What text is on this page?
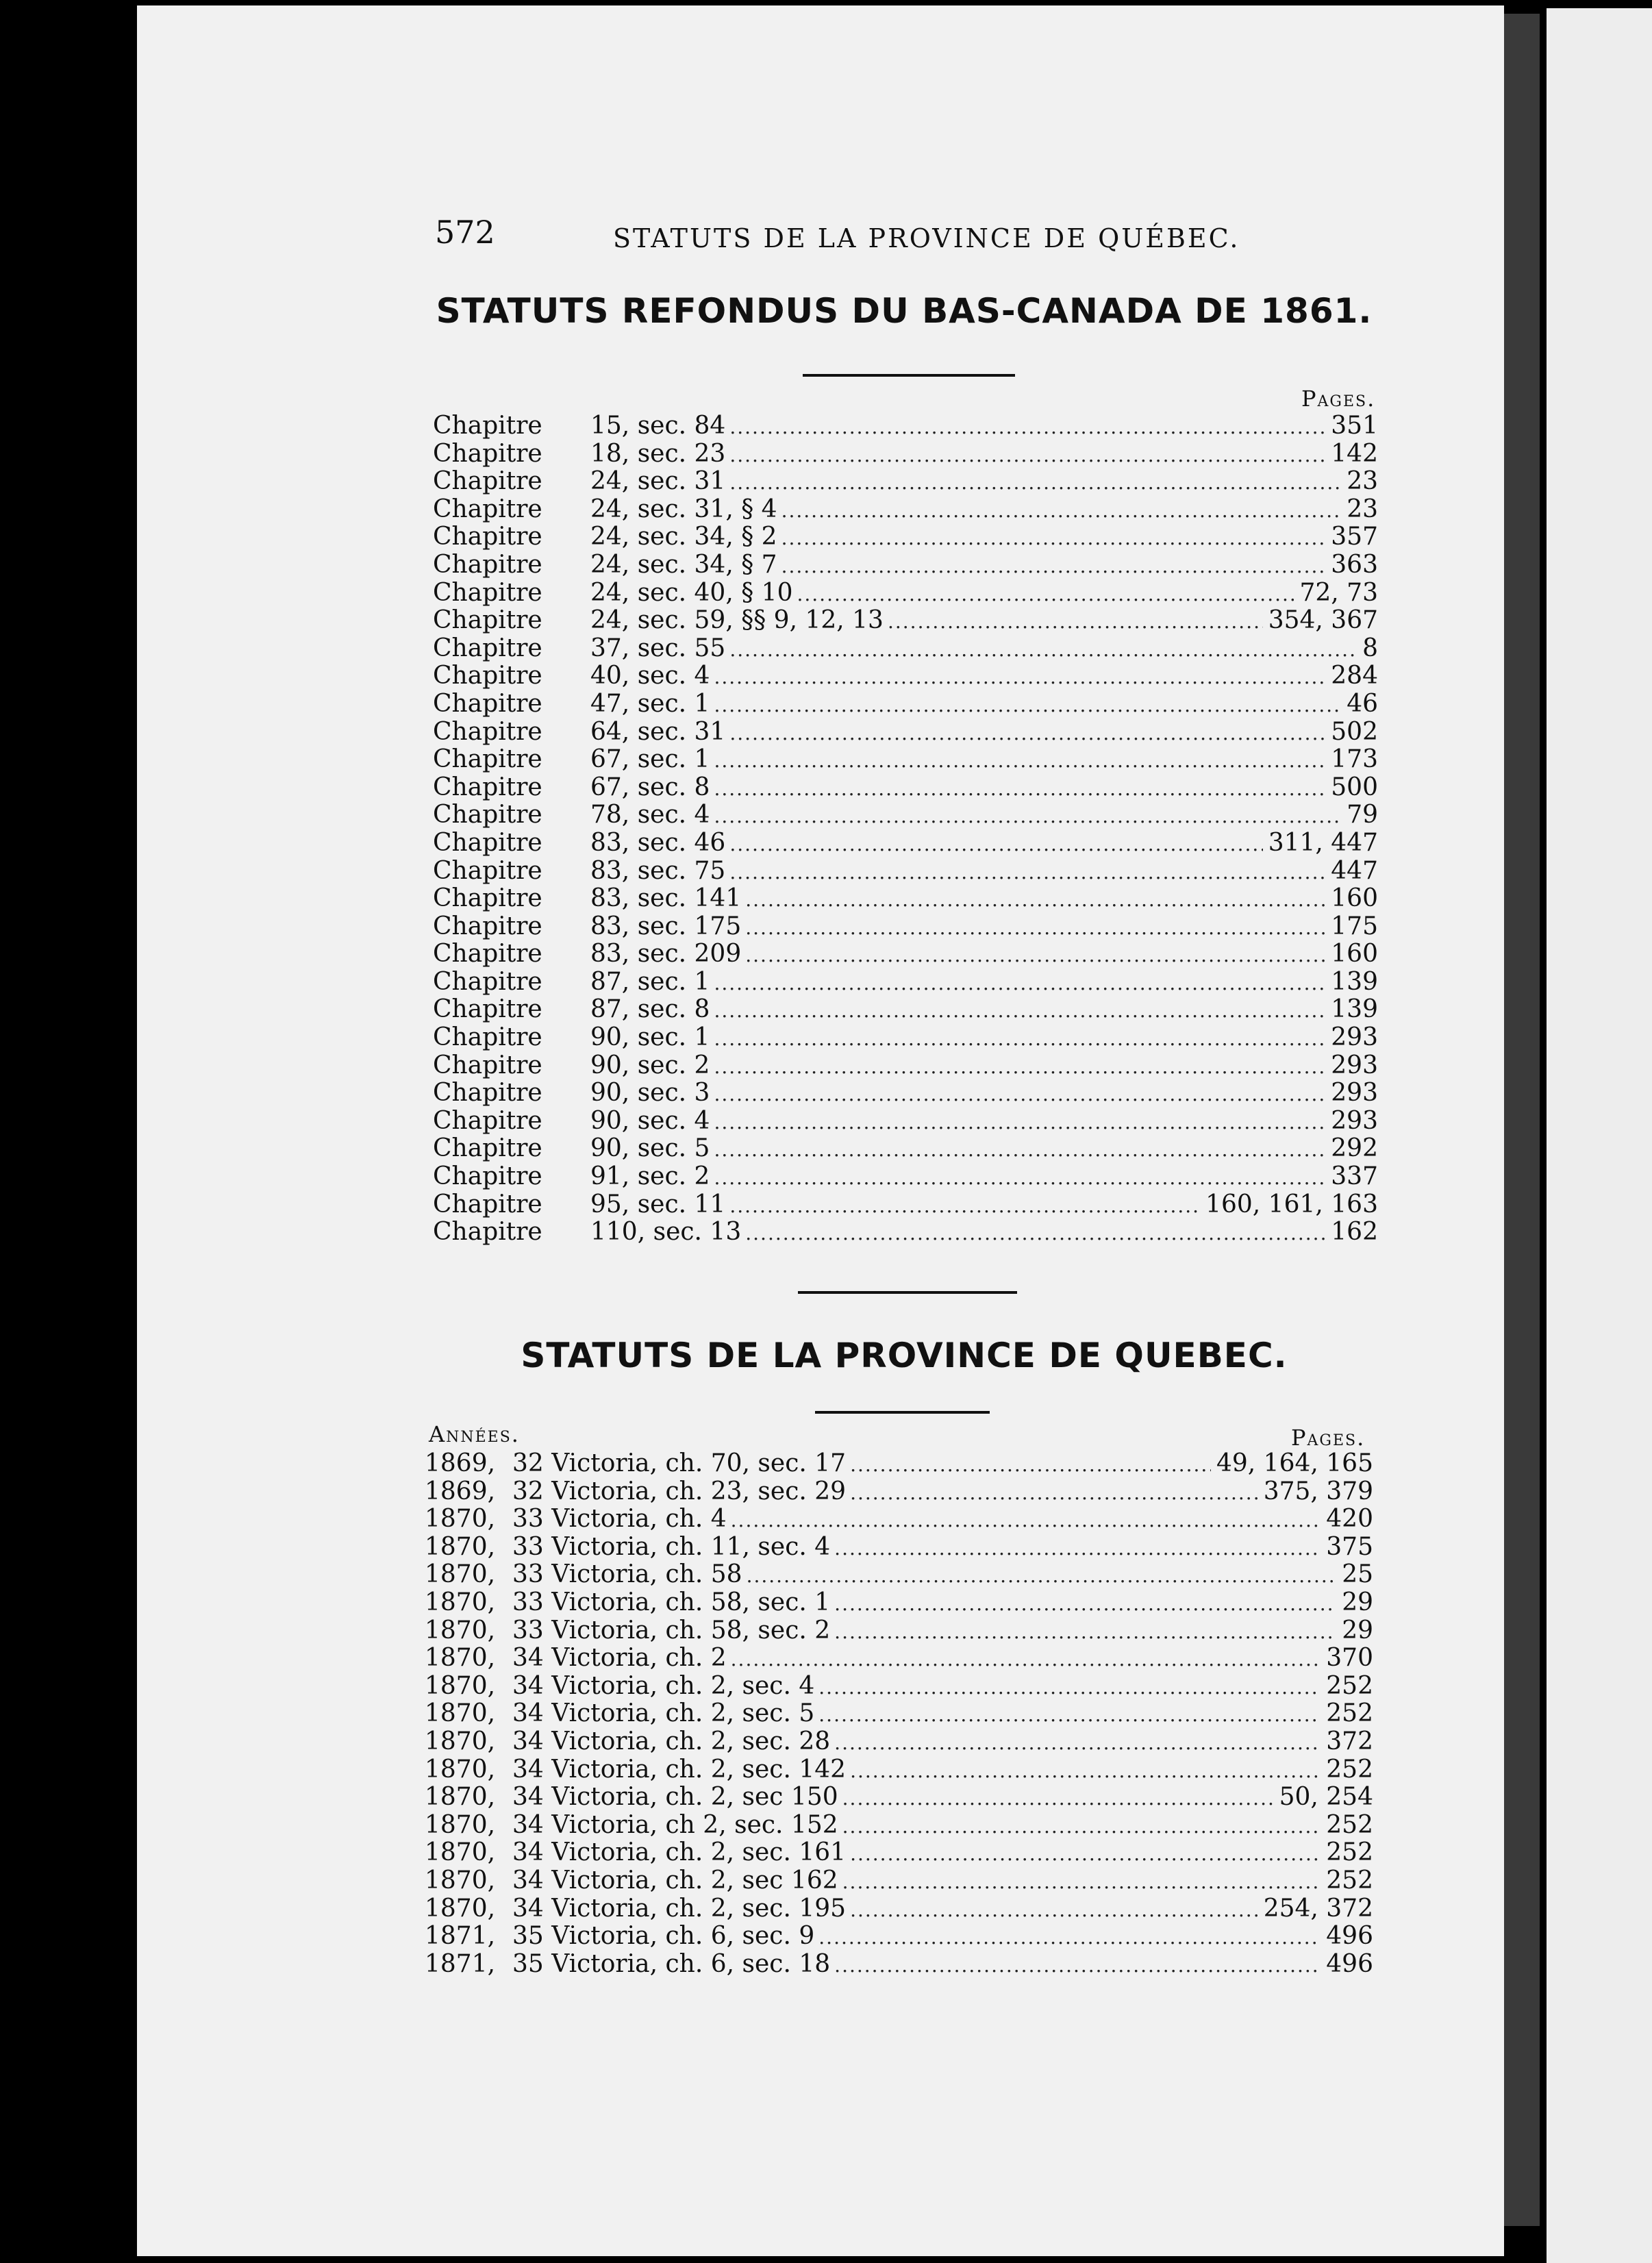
572	STATUTS DE LA PROVINCE DE QUÉBEC.
STATUTS REFONDUS DU BAS-CANADA DE 1861.
Pages.
Chapitre	15, sec. 84 .....	351
Chapitre	18, sec. 23 .....	142
Chapitre	24, sec. 31 .....	23
Chapitre	24, sec. 31, § 4 .....	23
Chapitre	24, sec. 34, § 2 .....	357
Chapitre	24, sec. 34, § 7 .....	363
Chapitre	24, sec. 40, § 10 .....	72, 73
Chapitre	24, sec. 59, §§ 9, 12, 13 .....	354, 367
Chapitre	37, sec. 55 .....	8
Chapitre	40, sec. 4 .....	284
Chapitre	47, sec. 1 .....	46
Chapitre	64, sec. 31 .....	502
Chapitre	67, sec. 1 .....	173
Chapitre	67, sec. 8 .....	500
Chapitre	78, sec. 4 .....	79
Chapitre	83, sec. 46 .....	311, 447
Chapitre	83, sec. 75 .....	447
Chapitre	83, sec. 141 .....	160
Chapitre	83, sec. 175 .....	175
Chapitre	83, sec. 209 .....	160
Chapitre	87, sec. 1 .....	139
Chapitre	87, sec. 8 .....	139
Chapitre	90, sec. 1 .....	293
Chapitre	90, sec. 2 .....	293
Chapitre	90, sec. 3 .....	293
Chapitre	90, sec. 4 .....	293
Chapitre	90, sec. 5 .....	292
Chapitre	91, sec. 2 .....	337
Chapitre	95, sec. 11 .....	160, 161, 163
Chapitre	110, sec. 13 .....	162
STATUTS DE LA PROVINCE DE QUEBEC.
Années.	Pages.
1869, 32 Victoria, ch. 70, sec. 17 .....	49, 164, 165
1869, 32 Victoria, ch. 23, sec. 29 .....	375, 379
1870, 33 Victoria, ch. 4 .....	420
1870, 33 Victoria, ch. 11, sec. 4 .....	375
1870, 33 Victoria, ch. 58 .....	25
1870, 33 Victoria, ch. 58, sec. 1 .....	29
1870, 33 Victoria, ch. 58, sec. 2 .....	29
1870, 34 Victoria, ch. 2 .....	370
1870, 34 Victoria, ch. 2, sec. 4 .....	252
1870, 34 Victoria, ch. 2, sec. 5 .....	252
1870, 34 Victoria, ch. 2, sec. 28 .....	372
1870, 34 Victoria, ch. 2, sec. 142 .....	252
1870, 34 Victoria, ch. 2, sec 150 .....	50, 254
1870, 34 Victoria, ch 2, sec. 152 .....	252
1870, 34 Victoria, ch. 2, sec. 161 .....	252
1870, 34 Victoria, ch. 2, sec 162 .....	252
1870, 34 Victoria, ch. 2, sec. 195 .....	254, 372
1871, 35 Victoria, ch. 6, sec. 9 .....	496
1871, 35 Victoria, ch. 6, sec. 18 .....	496
